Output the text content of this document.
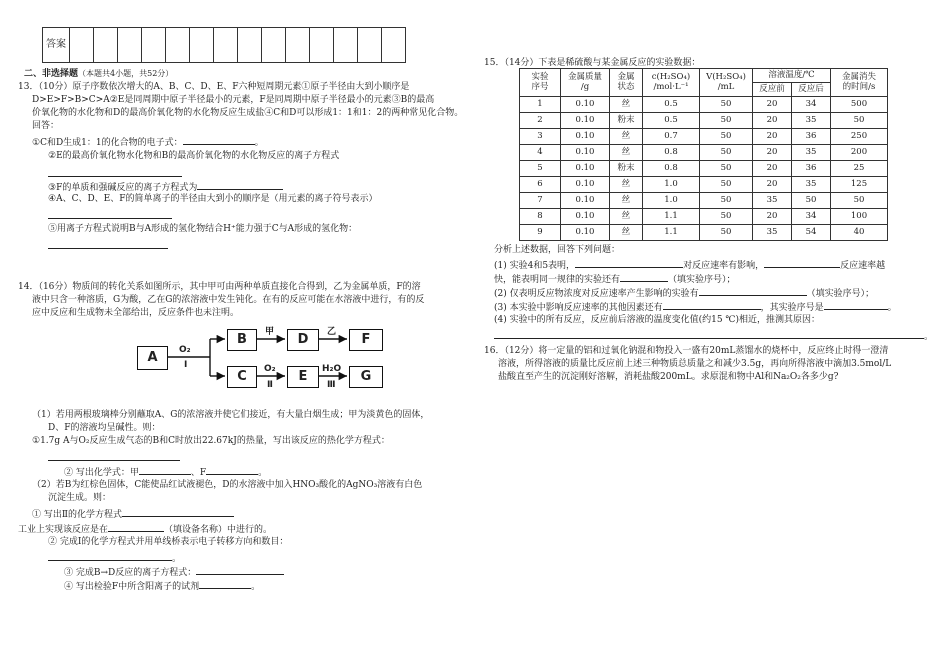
答案														
二、非选择题（本题共4小题，共52分）
13．（10分）原子序数依次增大的A、B、C、D、E、F六种短周期元素①原子半径由大到小顺序是
D>E>F>B>C>A②E是同周期中原子半径最小的元素，F是同周期中原子半径最小的元素③B的最高
价氧化物的水化物和D的最高价氧化物的水化物反应生成盐④C和D可以形成1：1和1：2的两种常见化合物。
回答：
①C和D生成1：1的化合物的电子式：	。
②E的最高价氧化物水化物和B的最高价氧化物的水化物反应的离子方程式
③F的单质和强碱反应的离子方程式为
④A、C、D、E、F的简单离子的半径由大到小的顺序是（用元素的离子符号表示）
⑤用离子方程式说明B与A形成的氢化物结合H⁺能力强于C与A形成的氢化物：
14．（16分）物质间的转化关系如图所示，其中甲可由两种单质直接化合得到，乙为金属单质，F的溶
液中只含一种溶质，G为酸，乙在G的浓溶液中发生钝化。在有的反应可能在水溶液中进行，有的反
应中反应和生成物未全部给出，反应条件也未注明。
A
B	D	F
C	E	G
O₂
I
甲	乙
O₂
Ⅱ
H₂O
Ⅲ
（1）若用两根玻璃棒分别蘸取A、G的浓溶液并使它们接近，有大量白烟生成；甲为淡黄色的固体，
D、F的溶液均呈碱性。则：
①1.7g A与O₂反应生成气态的B和C时放出22.67kJ的热量，写出该反应的热化学方程式：
② 写出化学式：甲	、F	。
（2）若B为红棕色固体，C能使品红试液褪色，D的水溶液中加入HNO₃酸化的AgNO₃溶液有白色
沉淀生成。则：
① 写出Ⅱ的化学方程式
工业上实现该反应是在	（填设备名称）中进行的。
② 完成Ⅰ的化学方程式并用单线桥表示电子转移方向和数目：
。
③ 完成B→D反应的离子方程式：
④ 写出检验F中所含阳离子的试剂	。
15．（14分）下表是稀硫酸与某金属反应的实验数据：
实验
序号	金属质量
/g	金属
状态	c(H₂SO₄)
/mol·L⁻¹	V(H₂SO₄)
/mL	溶液温度/℃		金属消失
的时间/s
					反应前	反应后	
1	0.10	丝	0.5	50	20	34	500
2	0.10	粉末	0.5	50	20	35	50
3	0.10	丝	0.7	50	20	36	250
4	0.10	丝	0.8	50	20	35	200
5	0.10	粉末	0.8	50	20	36	25
6	0.10	丝	1.0	50	20	35	125
7	0.10	丝	1.0	50	35	50	50
8	0.10	丝	1.1	50	20	34	100
9	0.10	丝	1.1	50	35	54	40
分析上述数据，回答下列问题：
(1) 实验4和5表明，	对反应速率有影响，	反应速率越
快，能表明同一规律的实验还有	（填实验序号）；
(2) 仅表明反应物浓度对反应速率产生影响的实验有	（填实验序号）；
(3) 本实验中影响反应速率的其他因素还有	，其实验序号是	。
(4) 实验中的所有反应，反应前后溶液的温度变化值(约15 ℃)相近，推测其原因：
。
16．（12分）将一定量的铝和过氧化钠混和物投入一盛有20mL蒸馏水的烧杯中，反应终止时得一澄清
溶液，所得溶液的质量比反应前上述三种物质总质量之和减少3.5g，再向所得溶液中滴加3.5mol/L
盐酸直至产生的沉淀刚好溶解，消耗盐酸200mL。求原混和物中Al和Na₂O₂各多少g?
